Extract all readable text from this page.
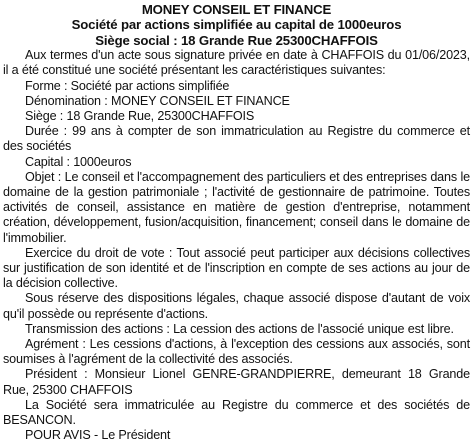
MONEY CONSEIL ET FINANCE
Société par actions simplifiée au capital de 1000euros
Siège social : 18 Grande Rue 25300CHAFFOIS

Aux termes d'un acte sous signature privée en date à CHAFFOIS du 01/06/2023, il a été constitué une société présentant les caractéristiques suivantes:

Forme : Société par actions simplifiée

Dénomination : MONEY CONSEIL ET FINANCE

Siège : 18 Grande Rue, 25300CHAFFOIS

Durée : 99 ans à compter de son immatriculation au Registre du commerce et des sociétés

Capital : 1000euros

Objet : Le conseil et l'accompagnement des particuliers et des entreprises dans le domaine de la gestion patrimoniale ; l'activité de gestionnaire de patrimoine. Toutes activités de conseil, assistance en matière de gestion d'entreprise, notamment création, développement, fusion/acquisition, financement; conseil dans le domaine de l'immobilier.

Exercice du droit de vote : Tout associé peut participer aux décisions collectives sur justification de son identité et de l'inscription en compte de ses actions au jour de la décision collective.

Sous réserve des dispositions légales, chaque associé dispose d'autant de voix qu'il possède ou représente d'actions.

Transmission des actions : La cession des actions de l'associé unique est libre.

Agrément : Les cessions d'actions, à l'exception des cessions aux associés, sont soumises à l'agrément de la collectivité des associés.

Président : Monsieur Lionel GENRE-GRANDPIERRE, demeurant 18 Grande Rue, 25300 CHAFFOIS

La Société sera immatriculée au Registre du commerce et des sociétés de BESANCON.

POUR AVIS - Le Président
